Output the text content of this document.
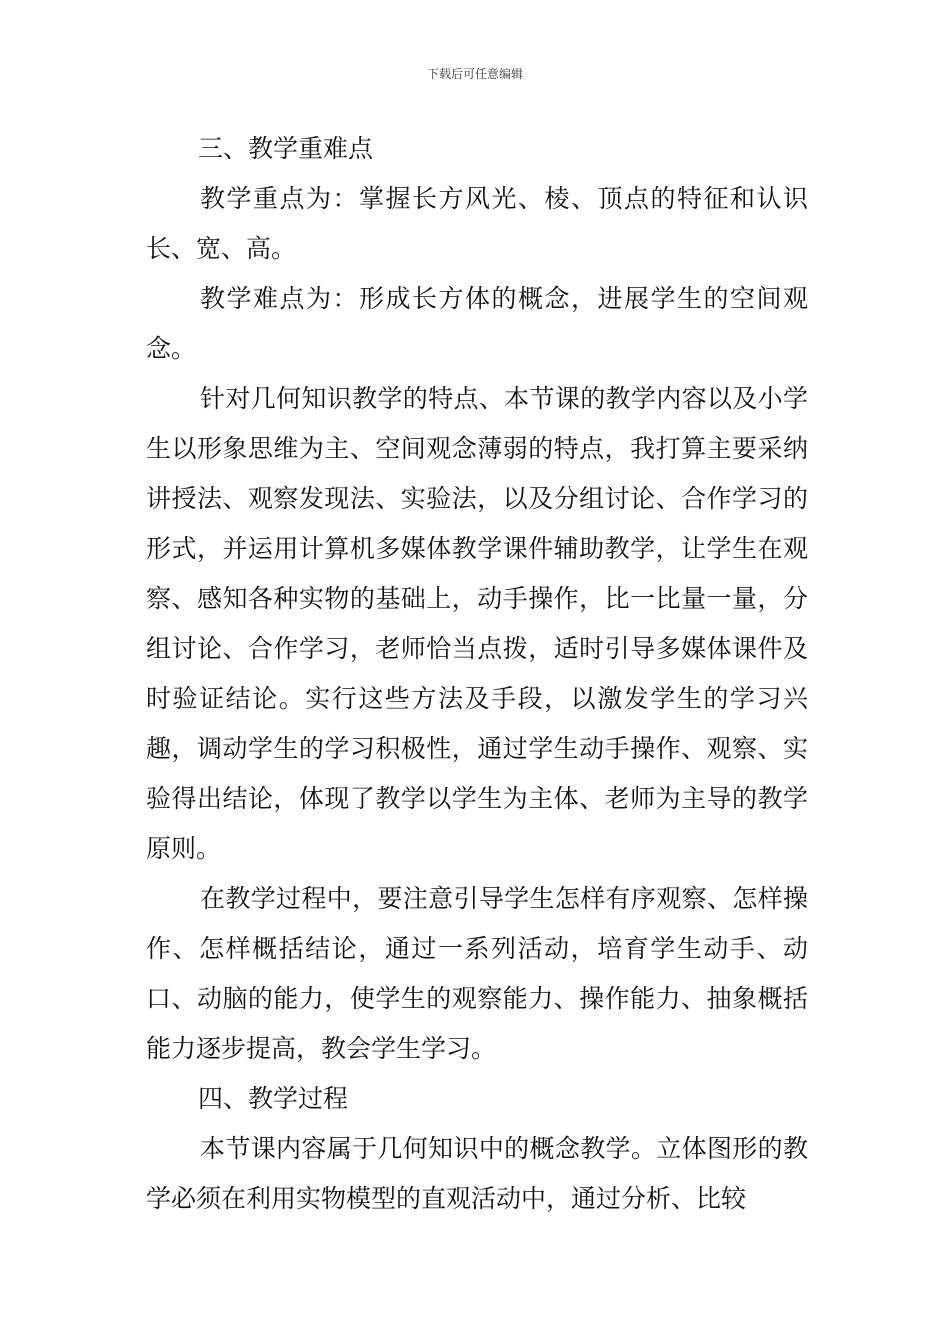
下载后可任意编辑

三、教学重难点

教学重点为：掌握长方风光、棱、顶点的特征和认识长、宽、高。

教学难点为：形成长方体的概念，进展学生的空间观念。

针对几何知识教学的特点、本节课的教学内容以及小学生以形象思维为主、空间观念薄弱的特点，我打算主要采纳讲授法、观察发现法、实验法，以及分组讨论、合作学习的形式，并运用计算机多媒体教学课件辅助教学，让学生在观察、感知各种实物的基础上，动手操作，比一比量一量，分组讨论、合作学习，老师恰当点拨，适时引导多媒体课件及时验证结论。实行这些方法及手段，以激发学生的学习兴趣，调动学生的学习积极性，通过学生动手操作、观察、实验得出结论，体现了教学以学生为主体、老师为主导的教学原则。

在教学过程中，要注意引导学生怎样有序观察、怎样操作、怎样概括结论，通过一系列活动，培育学生动手、动口、动脑的能力，使学生的观察能力、操作能力、抽象概括能力逐步提高，教会学生学习。

四、教学过程

本节课内容属于几何知识中的概念教学。立体图形的教学必须在利用实物模型的直观活动中，通过分析、比较
